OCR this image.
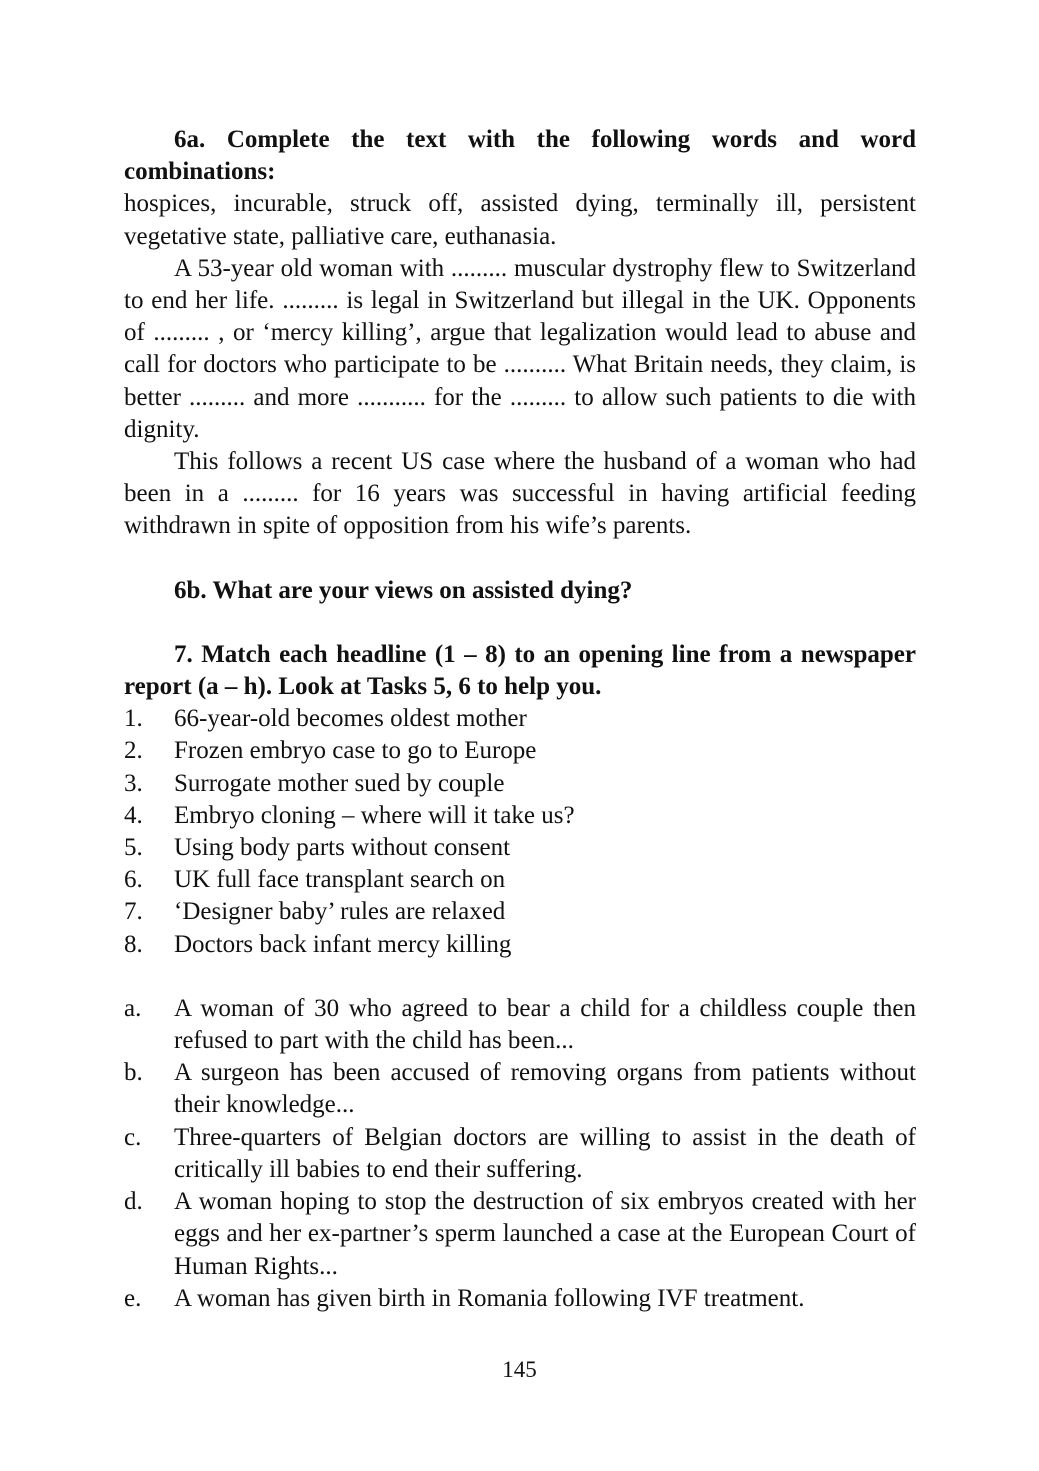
6a. Complete the text with the following words and word combinations:

hospices, incurable, struck off, assisted dying, terminally ill, persistent vegetative state, palliative care, euthanasia.

A 53-year old woman with ......... muscular dystrophy flew to Switzerland to end her life. ......... is legal in Switzerland but illegal in the UK. Opponents of ......... , or ‘mercy killing’, argue that legalization would lead to abuse and call for doctors who participate to be .......... What Britain needs, they claim, is better ......... and more ........... for the ......... to allow such patients to die with dignity.

This follows a recent US case where the husband of a woman who had been in a ......... for 16 years was successful in having artificial feeding withdrawn in spite of opposition from his wife’s parents.

6b. What are your views on assisted dying?

7. Match each headline (1 – 8) to an opening line from a newspaper report (a – h). Look at Tasks 5, 6 to help you.

1. 66-year-old becomes oldest mother
2. Frozen embryo case to go to Europe
3. Surrogate mother sued by couple
4. Embryo cloning – where will it take us?
5. Using body parts without consent
6. UK full face transplant search on
7. ‘Designer baby’ rules are relaxed
8. Doctors back infant mercy killing
a. A woman of 30 who agreed to bear a child for a childless couple then refused to part with the child has been...
b. A surgeon has been accused of removing organs from patients without their knowledge...
c. Three-quarters of Belgian doctors are willing to assist in the death of critically ill babies to end their suffering.
d. A woman hoping to stop the destruction of six embryos created with her eggs and her ex-partner’s sperm launched a case at the European Court of Human Rights...
e. A woman has given birth in Romania following IVF treatment.
145
